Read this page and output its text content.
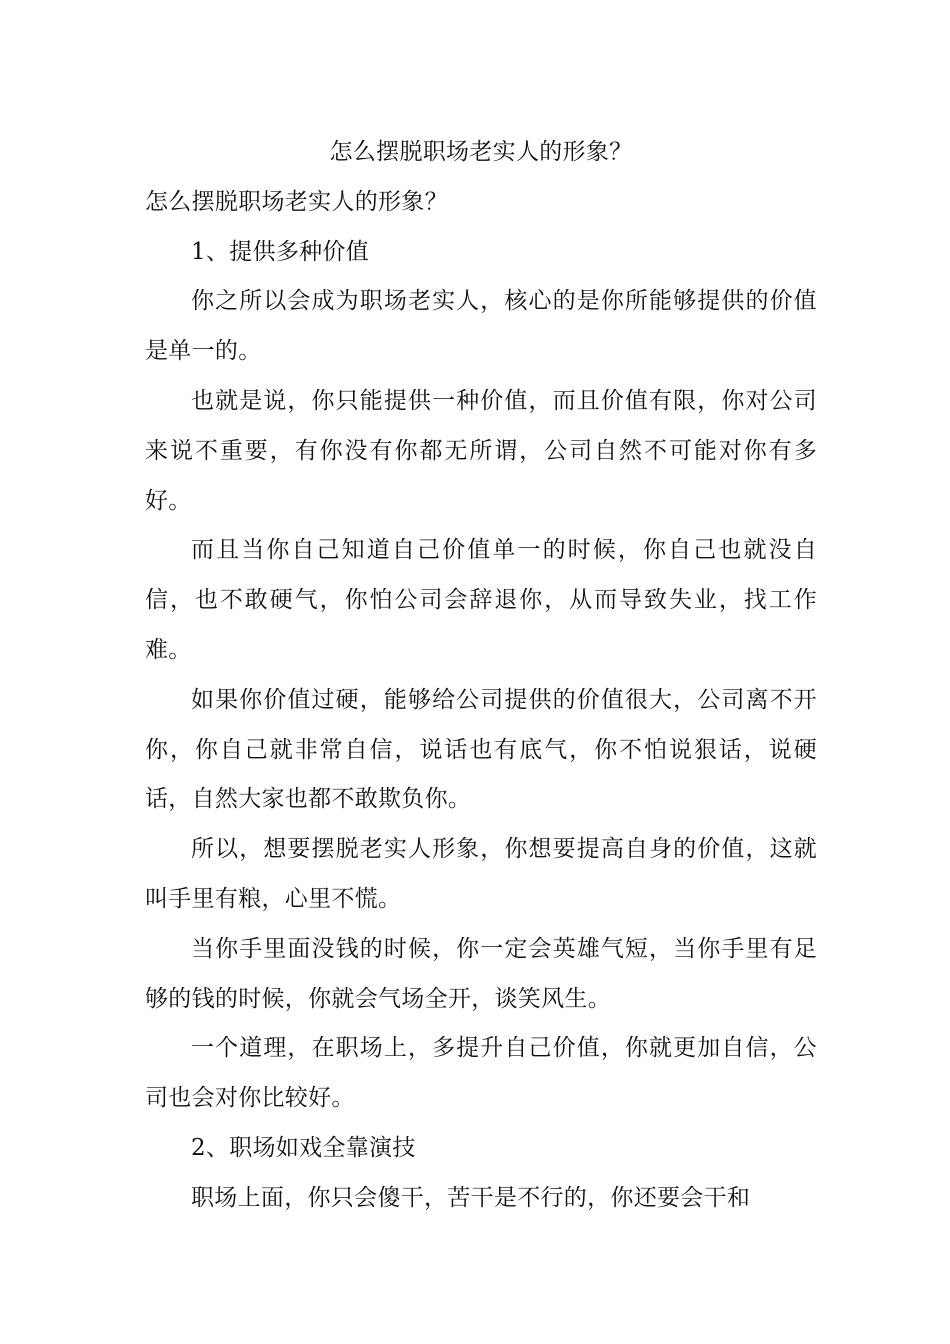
怎么摆脱职场老实人的形象？

怎么摆脱职场老实人的形象？

1、提供多种价值

你之所以会成为职场老实人，核心的是你所能够提供的价值是单一的。

也就是说，你只能提供一种价值，而且价值有限，你对公司来说不重要，有你没有你都无所谓，公司自然不可能对你有多好。

而且当你自己知道自己价值单一的时候，你自己也就没自信，也不敢硬气，你怕公司会辞退你，从而导致失业，找工作难。

如果你价值过硬，能够给公司提供的价值很大，公司离不开你，你自己就非常自信，说话也有底气，你不怕说狠话，说硬话，自然大家也都不敢欺负你。

所以，想要摆脱老实人形象，你想要提高自身的价值，这就叫手里有粮，心里不慌。

当你手里面没钱的时候，你一定会英雄气短，当你手里有足够的钱的时候，你就会气场全开，谈笑风生。

一个道理，在职场上，多提升自己价值，你就更加自信，公司也会对你比较好。

2、职场如戏全靠演技

职场上面，你只会傻干，苦干是不行的，你还要会干和
